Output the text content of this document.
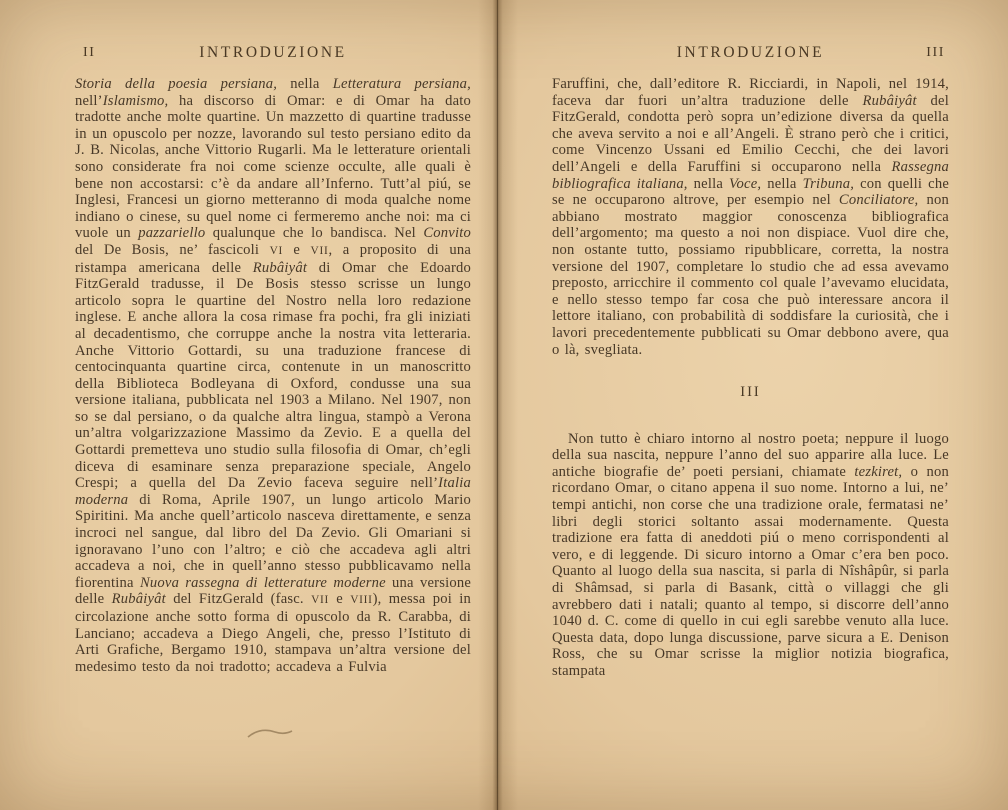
II	INTRODUZIONE

Storia della poesia persiana, nella Letteratura persiana, nell’Islamismo, ha discorso di Omar: e di Omar ha dato tradotte anche molte quartine. Un mazzetto di quartine tradusse in un opuscolo per nozze, lavorando sul testo persiano edito da J. B. Nicolas, anche Vittorio Rugarli. Ma le letterature orientali sono considerate fra noi come scienze occulte, alle quali è bene non accostarsi: c’è da andare all’Inferno. Tutt’al piú, se Inglesi, Francesi un giorno metteranno di moda qualche nome indiano o cinese, su quel nome ci fermeremo anche noi: ma ci vuole un pazzariello qualunque che lo bandisca. Nel Convito del De Bosis, ne’ fascicoli VI e VII, a proposito di una ristampa americana delle Rubâiyât di Omar che Edoardo FitzGerald tradusse, il De Bosis stesso scrisse un lungo articolo sopra le quartine del Nostro nella loro redazione inglese. E anche allora la cosa rimase fra pochi, fra gli iniziati al decadentismo, che corruppe anche la nostra vita letteraria. Anche Vittorio Gottardi, su una traduzione francese di centocinquanta quartine circa, contenute in un manoscritto della Biblioteca Bodleyana di Oxford, condusse una sua versione italiana, pubblicata nel 1903 a Milano. Nel 1907, non so se dal persiano, o da qualche altra lingua, stampò a Verona un’altra volgarizzazione Massimo da Zevio. E a quella del Gottardi premetteva uno studio sulla filosofia di Omar, ch’egli diceva di esaminare senza preparazione speciale, Angelo Crespi; a quella del Da Zevio faceva seguire nell’Italia moderna di Roma, Aprile 1907, un lungo articolo Mario Spiritini. Ma anche quell’articolo nasceva direttamente, e senza incroci nel sangue, dal libro del Da Zevio. Gli Omariani si ignoravano l’uno con l’altro; e ciò che accadeva agli altri accadeva a noi, che in quell’anno stesso pubblicavamo nella fiorentina Nuova rassegna di letterature moderne una versione delle Rubâiyât del FitzGerald (fasc. VII e VIII), messa poi in circolazione anche sotto forma di opuscolo da R. Carabba, di Lanciano; accadeva a Diego Angeli, che, presso l’Istituto di Arti Grafiche, Bergamo 1910, stampava un’altra versione del medesimo testo da noi tradotto; accadeva a Fulvia

INTRODUZIONE	III

Faruffini, che, dall’editore R. Ricciardi, in Napoli, nel 1914, faceva dar fuori un’altra traduzione delle Rubâiyât del FitzGerald, condotta però sopra un’edizione diversa da quella che aveva servito a noi e all’Angeli. È strano però che i critici, come Vincenzo Ussani ed Emilio Cecchi, che dei lavori dell’Angeli e della Faruffini si occuparono nella Rassegna bibliografica italiana, nella Voce, nella Tribuna, con quelli che se ne occuparono altrove, per esempio nel Conciliatore, non abbiano mostrato maggior conoscenza bibliografica dell’argomento; ma questo a noi non dispiace. Vuol dire che, non ostante tutto, possiamo ripubblicare, corretta, la nostra versione del 1907, completare lo studio che ad essa avevamo preposto, arricchire il commento col quale l’avevamo elucidata, e nello stesso tempo far cosa che può interessare ancora il lettore italiano, con probabilità di soddisfare la curiosità, che i lavori precedentemente pubblicati su Omar debbono avere, qua o là, svegliata.

III

Non tutto è chiaro intorno al nostro poeta; neppure il luogo della sua nascita, neppure l’anno del suo apparire alla luce. Le antiche biografie de’ poeti persiani, chiamate tezkiret, o non ricordano Omar, o citano appena il suo nome. Intorno a lui, ne’ tempi antichi, non corse che una tradizione orale, fermatasi ne’ libri degli storici soltanto assai modernamente. Questa tradizione era fatta di aneddoti piú o meno corrispondenti al vero, e di leggende. Di sicuro intorno a Omar c’era ben poco. Quanto al luogo della sua nascita, si parla di Nîshâpûr, si parla di Shâmsad, si parla di Basank, città o villaggi che gli avrebbero dati i natali; quanto al tempo, si discorre dell’anno 1040 d. C. come di quello in cui egli sarebbe venuto alla luce. Questa data, dopo lunga discussione, parve sicura a E. Denison Ross, che su Omar scrisse la miglior notizia biografica, stampata
